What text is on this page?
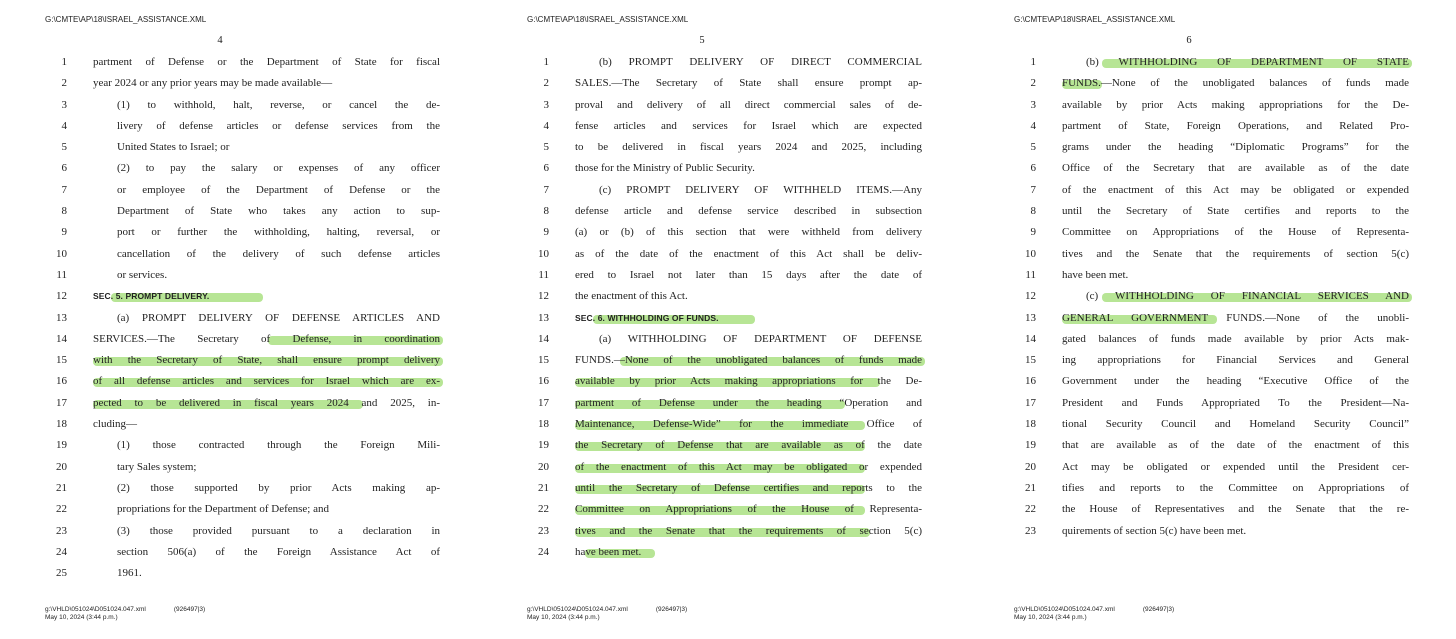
G:\CMTE\AP\18\ISRAEL_ASSISTANCE.XML
4
1 partment of Defense or the Department of State for fiscal
2 year 2024 or any prior years may be made available—
3	(1) to withhold, halt, reverse, or cancel the de-
4	livery of defense articles or defense services from the
5	United States to Israel; or
6	(2) to pay the salary or expenses of any officer
7	or employee of the Department of Defense or the
8	Department of State who takes any action to sup-
9	port or further the withholding, halting, reversal, or
10	cancellation of the delivery of such defense articles
11	or services.
12	SEC. 5. PROMPT DELIVERY.
13	(a) PROMPT DELIVERY OF DEFENSE ARTICLES AND
14 SERVICES.—The Secretary of Defense, in coordination
15 with the Secretary of State, shall ensure prompt delivery
16 of all defense articles and services for Israel which are ex-
17 pected to be delivered in fiscal years 2024 and 2025, in-
18 cluding—
19	(1) those contracted through the Foreign Mili-
20	tary Sales system;
21	(2) those supported by prior Acts making ap-
22	propriations for the Department of Defense; and
23	(3) those provided pursuant to a declaration in
24	section 506(a) of the Foreign Assistance Act of
25	1961.
g:\VHLD\051024\D051024.047.xml	(926497|3)
May 10, 2024 (3:44 p.m.)
G:\CMTE\AP\18\ISRAEL_ASSISTANCE.XML
5
1	(b) PROMPT DELIVERY OF DIRECT COMMERCIAL
2 SALES.—The Secretary of State shall ensure prompt ap-
3 proval and delivery of all direct commercial sales of de-
4 fense articles and services for Israel which are expected
5 to be delivered in fiscal years 2024 and 2025, including
6 those for the Ministry of Public Security.
7	(c) PROMPT DELIVERY OF WITHHELD ITEMS.—Any
8 defense article and defense service described in subsection
9 (a) or (b) of this section that were withheld from delivery
10 as of the date of the enactment of this Act shall be deliv-
11 ered to Israel not later than 15 days after the date of
12 the enactment of this Act.
13	SEC. 6. WITHHOLDING OF FUNDS.
14	(a) WITHHOLDING OF DEPARTMENT OF DEFENSE
15 FUNDS.—None of the unobligated balances of funds made
16 available by prior Acts making appropriations for the De-
17 partment of Defense under the heading “Operation and
18 Maintenance, Defense-Wide” for the immediate Office of
19 the Secretary of Defense that are available as of the date
20 of the enactment of this Act may be obligated or expended
21 until the Secretary of Defense certifies and reports to the
22 Committee on Appropriations of the House of Representa-
23 tives and the Senate that the requirements of section 5(c)
24 have been met.
g:\VHLD\051024\D051024.047.xml	(926497|3)
May 10, 2024 (3:44 p.m.)
G:\CMTE\AP\18\ISRAEL_ASSISTANCE.XML
6
1	(b) WITHHOLDING OF DEPARTMENT OF STATE
2 FUNDS.—None of the unobligated balances of funds made
3 available by prior Acts making appropriations for the De-
4 partment of State, Foreign Operations, and Related Pro-
5 grams under the heading “Diplomatic Programs” for the
6 Office of the Secretary that are available as of the date
7 of the enactment of this Act may be obligated or expended
8 until the Secretary of State certifies and reports to the
9 Committee on Appropriations of the House of Representa-
10 tives and the Senate that the requirements of section 5(c)
11 have been met.
12	(c) WITHHOLDING OF FINANCIAL SERVICES AND
13 GENERAL GOVERNMENT FUNDS.—None of the unobli-
14 gated balances of funds made available by prior Acts mak-
15 ing appropriations for Financial Services and General
16 Government under the heading “Executive Office of the
17 President and Funds Appropriated To the President—Na-
18 tional Security Council and Homeland Security Council”
19 that are available as of the date of the enactment of this
20 Act may be obligated or expended until the President cer-
21 tifies and reports to the Committee on Appropriations of
22 the House of Representatives and the Senate that the re-
23 quirements of section 5(c) have been met.
g:\VHLD\051024\D051024.047.xml	(926497|3)
May 10, 2024 (3:44 p.m.)
